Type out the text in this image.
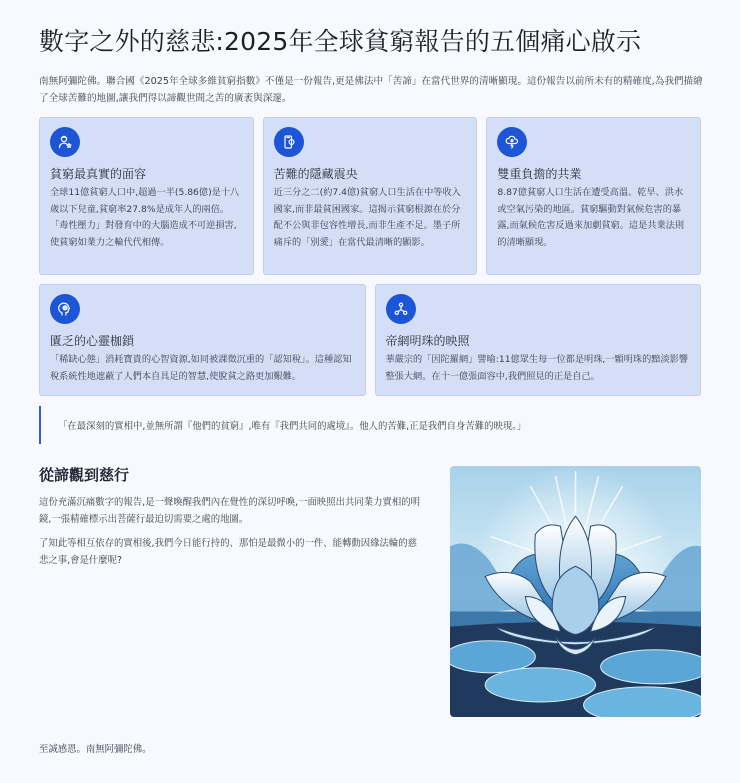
數字之外的慈悲:2025年全球貧窮報告的五個痛心啟示

南無阿彌陀佛。聯合國《2025年全球多維貧窮指數》不僅是一份報告,更是佛法中「苦諦」在當代世界的清晰顯現。這份報告以前所未有的精確度,為我們描繪了全球苦難的地圖,讓我們得以諦觀世間之苦的廣袤與深邃。

貧窮最真實的面容
全球11億貧窮人口中,超過一半(5.86億)是十八歲以下兒童,貧窮率27.8%是成年人的兩倍。「毒性壓力」對發育中的大腦造成不可逆損害,使貧窮如業力之輪代代相傳。
苦難的隱藏震央
近三分之二(約7.4億)貧窮人口生活在中等收入國家,而非最貧困國家。這揭示貧窮根源在於分配不公與非包容性增長,而非生產不足。墨子所痛斥的「別愛」在當代最清晰的顯影。
雙重負擔的共業
8.87億貧窮人口生活在遭受高溫、乾旱、洪水或空氣污染的地區。貧窮驅動對氣候危害的暴露,而氣候危害反過來加劇貧窮。這是共業法則的清晰顯現。
匱乏的心靈枷鎖
「稀缺心態」消耗寶貴的心智資源,如同被課徵沉重的「認知稅」。這種認知稅系統性地遮蔽了人們本自具足的智慧,使脫貧之路更加艱難。
帝網明珠的映照
華嚴宗的「因陀羅網」譬喻:11億眾生每一位都是明珠,一顆明珠的黯淡影響整張大網。在十一億張面容中,我們照見的正是自己。
「在最深刻的實相中,並無所謂『他們的貧窮』,唯有『我們共同的處境』。他人的苦難,正是我們自身苦難的映現。」
從諦觀到慈行

這份充滿沉痛數字的報告,是一聲喚醒我們內在覺性的深切呼喚,一面映照出共同業力實相的明鏡,一張精確標示出菩薩行最迫切需要之處的地圖。

了知此等相互依存的實相後,我們今日能行持的、那怕是最微小的一件、能轉動因緣法輪的慈悲之事,會是什麼呢?

至誠感恩。南無阿彌陀佛。
